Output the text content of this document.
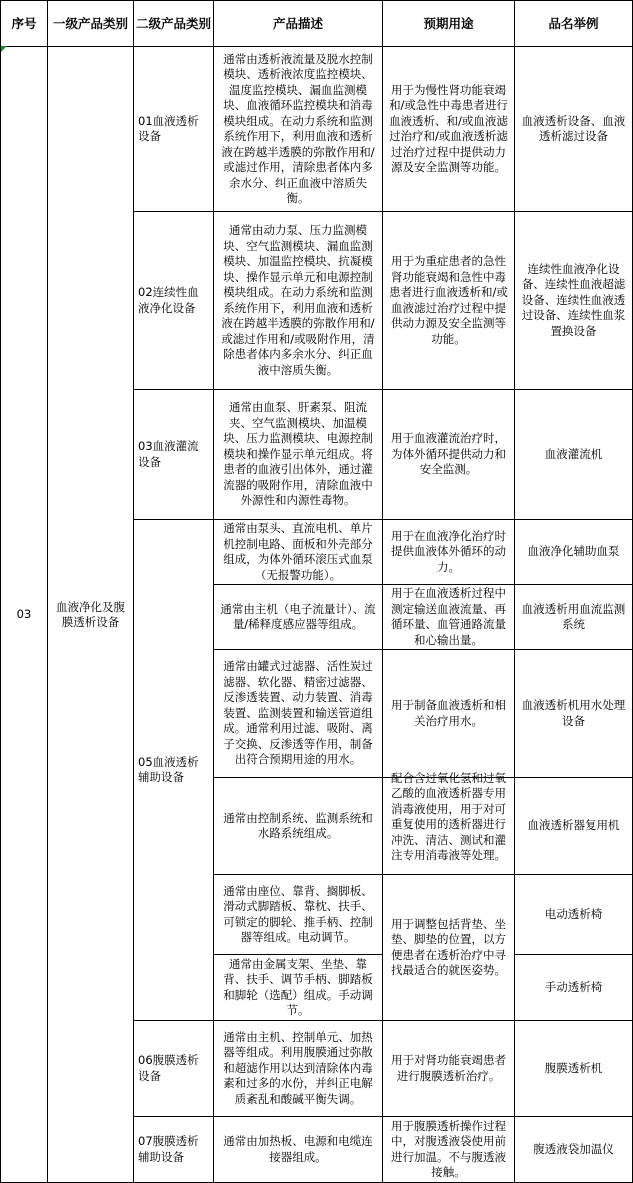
序号	一级产品类别	二级产品类别	产品描述	预期用途	品名举例
03	血液净化及腹膜透析设备	01血液透析设备	通常由透析液流量及脱水控制模块、透析液浓度监控模块、温度监控模块、漏血监测模块、血液循环监控模块和消毒模块组成。在动力系统和监测系统作用下，利用血液和透析液在跨越半透膜的弥散作用和/或滤过作用，清除患者体内多余水分、纠正血液中溶质失衡。	用于为慢性肾功能衰竭和/或急性中毒患者进行血液透析、和/或血液滤过治疗和/或血液透析滤过治疗过程中提供动力源及安全监测等功能。	血液透析设备、血液透析滤过设备
		02连续性血液净化设备	通常由动力泵、压力监测模块、空气监测模块、漏血监测模块、加温监控模块、抗凝模块、操作显示单元和电源控制模块组成。在动力系统和监测系统作用下，利用血液和透析液在跨越半透膜的弥散作用和/或滤过作用和/或吸附作用，清除患者体内多余水分、纠正血液中溶质失衡。	用于为重症患者的急性肾功能衰竭和急性中毒患者进行血液透析和/或血液滤过治疗过程中提供动力源及安全监测等功能。	连续性血液净化设备、连续性血液超滤设备、连续性血液透过设备、连续性血浆置换设备
		03血液灌流设备	通常由血泵、肝素泵、阻流夹、空气监测模块、加温模块、压力监测模块、电源控制模块和操作显示单元组成。将患者的血液引出体外，通过灌流器的吸附作用，清除血液中外源性和内源性毒物。	用于血液灌流治疗时，为体外循环提供动力和安全监测。	血液灌流机
		05血液透析辅助设备	通常由泵头、直流电机、单片机控制电路、面板和外壳部分组成，为体外循环滚压式血泵（无报警功能）。	用于在血液净化治疗时提供血液体外循环的动力。	血液净化辅助血泵
			通常由主机（电子流量计）、流量/稀释度感应器等组成。	用于在血液透析过程中测定输送血液流量、再循环量、血管通路流量和心输出量。	血液透析用血流监测系统
			通常由罐式过滤器、活性炭过滤器、软化器、精密过滤器、反渗透装置、动力装置、消毒装置、监测装置和输送管道组成。通常利用过滤、吸附、离子交换、反渗透等作用，制备出符合预期用途的用水。	用于制备血液透析和相关治疗用水。	血液透析机用水处理设备
			通常由控制系统、监测系统和水路系统组成。	配合含过氧化氢和过氧乙酸的血液透析器专用消毒液使用，用于对可重复使用的透析器进行冲洗、清洁、测试和灌注专用消毒液等处理。	血液透析器复用机
			通常由座位、靠背、搁脚板、滑动式脚踏板、靠枕、扶手、可锁定的脚轮、推手柄、控制器等组成。电动调节。	用于调整包括背垫、坐垫、脚垫的位置，以方便患者在透析治疗中寻找最适合的就医姿势。	电动透析椅
			通常由金属支架、坐垫、靠背、扶手、调节手柄、脚踏板和脚轮（选配）组成。手动调节。		手动透析椅
		06腹膜透析设备	通常由主机、控制单元、加热器等组成。利用腹膜通过弥散和超滤作用以达到清除体内毒素和过多的水份，并纠正电解质紊乱和酸碱平衡失调。	用于对肾功能衰竭患者进行腹膜透析治疗。	腹膜透析机
		07腹膜透析辅助设备	通常由加热板、电源和电缆连接器组成。	用于腹膜透析操作过程中，对腹透液袋使用前进行加温。不与腹透液接触。	腹透液袋加温仪
